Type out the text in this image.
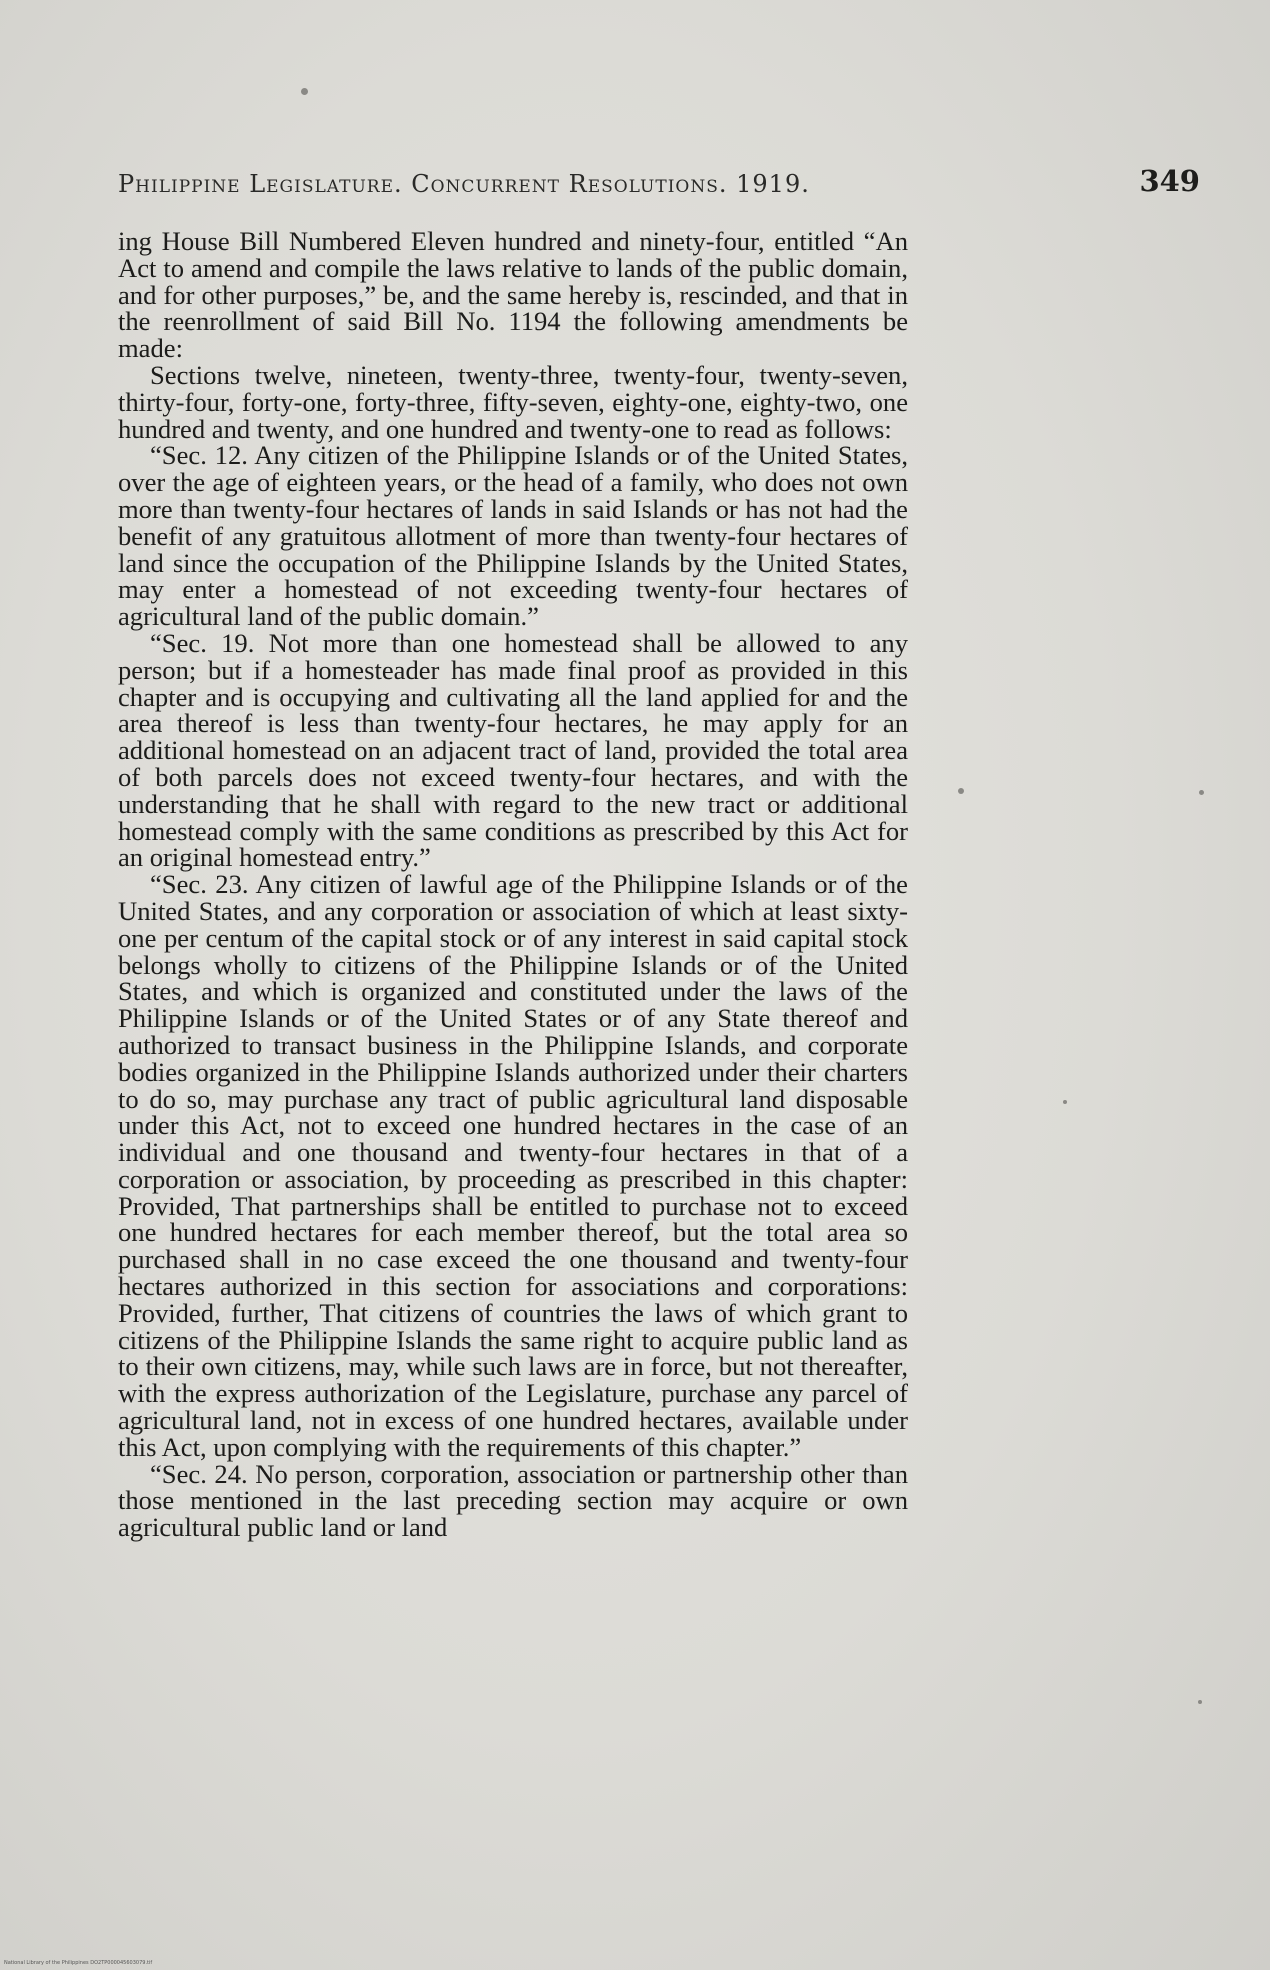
Philippine Legislature. Concurrent Resolutions. 1919.	349

ing House Bill Numbered Eleven hundred and ninety-four, entitled “An Act to amend and compile the laws relative to lands of the public domain, and for other purposes,” be, and the same hereby is, rescinded, and that in the reenrollment of said Bill No. 1194 the following amendments be made:

Sections twelve, nineteen, twenty-three, twenty-four, twenty-seven, thirty-four, forty-one, forty-three, fifty-seven, eighty-one, eighty-two, one hundred and twenty, and one hundred and twenty-one to read as follows:

“Sec. 12. Any citizen of the Philippine Islands or of the United States, over the age of eighteen years, or the head of a family, who does not own more than twenty-four hectares of lands in said Islands or has not had the benefit of any gratuitous allotment of more than twenty-four hectares of land since the occupation of the Philippine Islands by the United States, may enter a homestead of not exceeding twenty-four hectares of agricultural land of the public domain.”

“Sec. 19. Not more than one homestead shall be allowed to any person; but if a homesteader has made final proof as provided in this chapter and is occupying and cultivating all the land applied for and the area thereof is less than twenty-four hectares, he may apply for an additional homestead on an adjacent tract of land, provided the total area of both parcels does not exceed twenty-four hectares, and with the understanding that he shall with regard to the new tract or additional homestead comply with the same conditions as prescribed by this Act for an original homestead entry.”

“Sec. 23. Any citizen of lawful age of the Philippine Islands or of the United States, and any corporation or association of which at least sixty-one per centum of the capital stock or of any interest in said capital stock belongs wholly to citizens of the Philippine Islands or of the United States, and which is organized and constituted under the laws of the Philippine Islands or of the United States or of any State thereof and authorized to transact business in the Philippine Islands, and corporate bodies organized in the Philippine Islands authorized under their charters to do so, may purchase any tract of public agricultural land disposable under this Act, not to exceed one hundred hectares in the case of an individual and one thousand and twenty-four hectares in that of a corporation or association, by proceeding as prescribed in this chapter: Provided, That partnerships shall be entitled to purchase not to exceed one hundred hectares for each member thereof, but the total area so purchased shall in no case exceed the one thousand and twenty-four hectares authorized in this section for associations and corporations: Provided, further, That citizens of countries the laws of which grant to citizens of the Philippine Islands the same right to acquire public land as to their own citizens, may, while such laws are in force, but not thereafter, with the express authorization of the Legislature, purchase any parcel of agricultural land, not in excess of one hundred hectares, available under this Act, upon complying with the requirements of this chapter.”

“Sec. 24. No person, corporation, association or partnership other than those mentioned in the last preceding section may acquire or own agricultural public land or land

National Library of the Philippines DO2TP000045603079.tif
